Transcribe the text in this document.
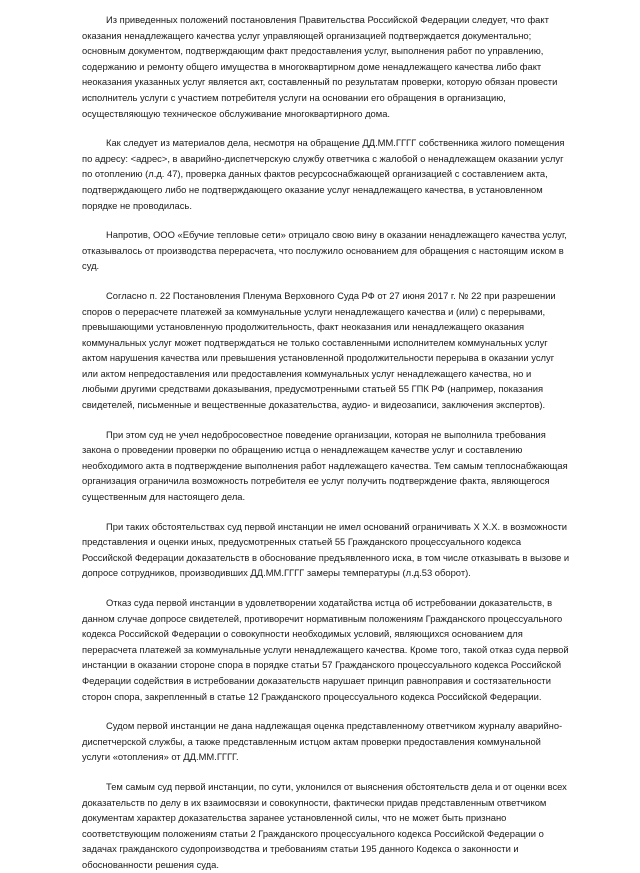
Из приведенных положений постановления Правительства Российской Федерации следует, что факт оказания ненадлежащего качества услуг управляющей организацией подтверждается документально; основным документом, подтверждающим факт предоставления услуг, выполнения работ по управлению, содержанию и ремонту общего имущества в многоквартирном доме ненадлежащего качества либо факт неоказания указанных услуг является акт, составленный по результатам проверки, которую обязан провести исполнитель услуги с участием потребителя услуги на основании его обращения в организацию, осуществляющую техническое обслуживание многоквартирного дома.

Как следует из материалов дела, несмотря на обращение ДД.ММ.ГГГГ собственника жилого помещения по адресу: <адрес>, в аварийно-диспетчерскую службу ответчика с жалобой о ненадлежащем оказании услуг по отоплению (л.д. 47), проверка данных фактов ресурсоснабжающей организацией с составлением акта, подтверждающего либо не подтверждающего оказание услуг ненадлежащего качества, в установленном порядке не проводилась.

Напротив, ООО «Ебучие тепловые сети» отрицало свою вину в оказании ненадлежащего качества услуг, отказывалось от производства перерасчета, что послужило основанием для обращения с настоящим иском в суд.

Согласно п. 22 Постановления Пленума Верховного Суда РФ от 27 июня 2017 г. № 22 при разрешении споров о перерасчете платежей за коммунальные услуги ненадлежащего качества и (или) с перерывами, превышающими установленную продолжительность, факт неоказания или ненадлежащего оказания коммунальных услуг может подтверждаться не только составленными исполнителем коммунальных услуг актом нарушения качества или превышения установленной продолжительности перерыва в оказании услуг или актом непредоставления или предоставления коммунальных услуг ненадлежащего качества, но и любыми другими средствами доказывания, предусмотренными статьей 55 ГПК РФ (например, показания свидетелей, письменные и вещественные доказательства, аудио- и видеозаписи, заключения экспертов).

При этом суд не учел недобросовестное поведение организации, которая не выполнила требования закона о проведении проверки по обращению истца о ненадлежащем качестве услуг и составлению необходимого акта в подтверждение выполнения работ надлежащего качества. Тем самым теплоснабжающая организация ограничила возможность потребителя ее услуг получить подтверждение факта, являющегося существенным для настоящего дела.

При таких обстоятельствах суд первой инстанции не имел оснований ограничивать Х Х.Х. в возможности представления и оценки иных, предусмотренных статьей 55 Гражданского процессуального кодекса Российской Федерации доказательств в обоснование предъявленного иска, в том числе отказывать в вызове и допросе сотрудников, производивших ДД.ММ.ГГГГ замеры температуры (л.д.53 оборот).

Отказ суда первой инстанции в удовлетворении ходатайства истца об истребовании доказательств, в данном случае допросе свидетелей, противоречит нормативным положениям Гражданского процессуального кодекса Российской Федерации о совокупности необходимых условий, являющихся основанием для перерасчета платежей за коммунальные услуги ненадлежащего качества. Кроме того, такой отказ суда первой инстанции в оказании стороне спора в порядке статьи 57 Гражданского процессуального кодекса Российской Федерации содействия в истребовании доказательств нарушает принцип равноправия и состязательности сторон спора, закрепленный в статье 12 Гражданского процессуального кодекса Российской Федерации.

Судом первой инстанции не дана надлежащая оценка представленному ответчиком журналу аварийно-диспетчерской службы, а также представленным истцом актам проверки предоставления коммунальной услуги «отопления» от ДД.ММ.ГГГГ.

Тем самым суд первой инстанции, по сути, уклонился от выяснения обстоятельств дела и от оценки всех доказательств по делу в их взаимосвязи и совокупности, фактически придав представленным ответчиком документам характер доказательства заранее установленной силы, что не может быть признано соответствующим положениям статьи 2 Гражданского процессуального кодекса Российской Федерации о задачах гражданского судопроизводства и требованиям статьи 195 данного Кодекса о законности и обоснованности решения суда.
